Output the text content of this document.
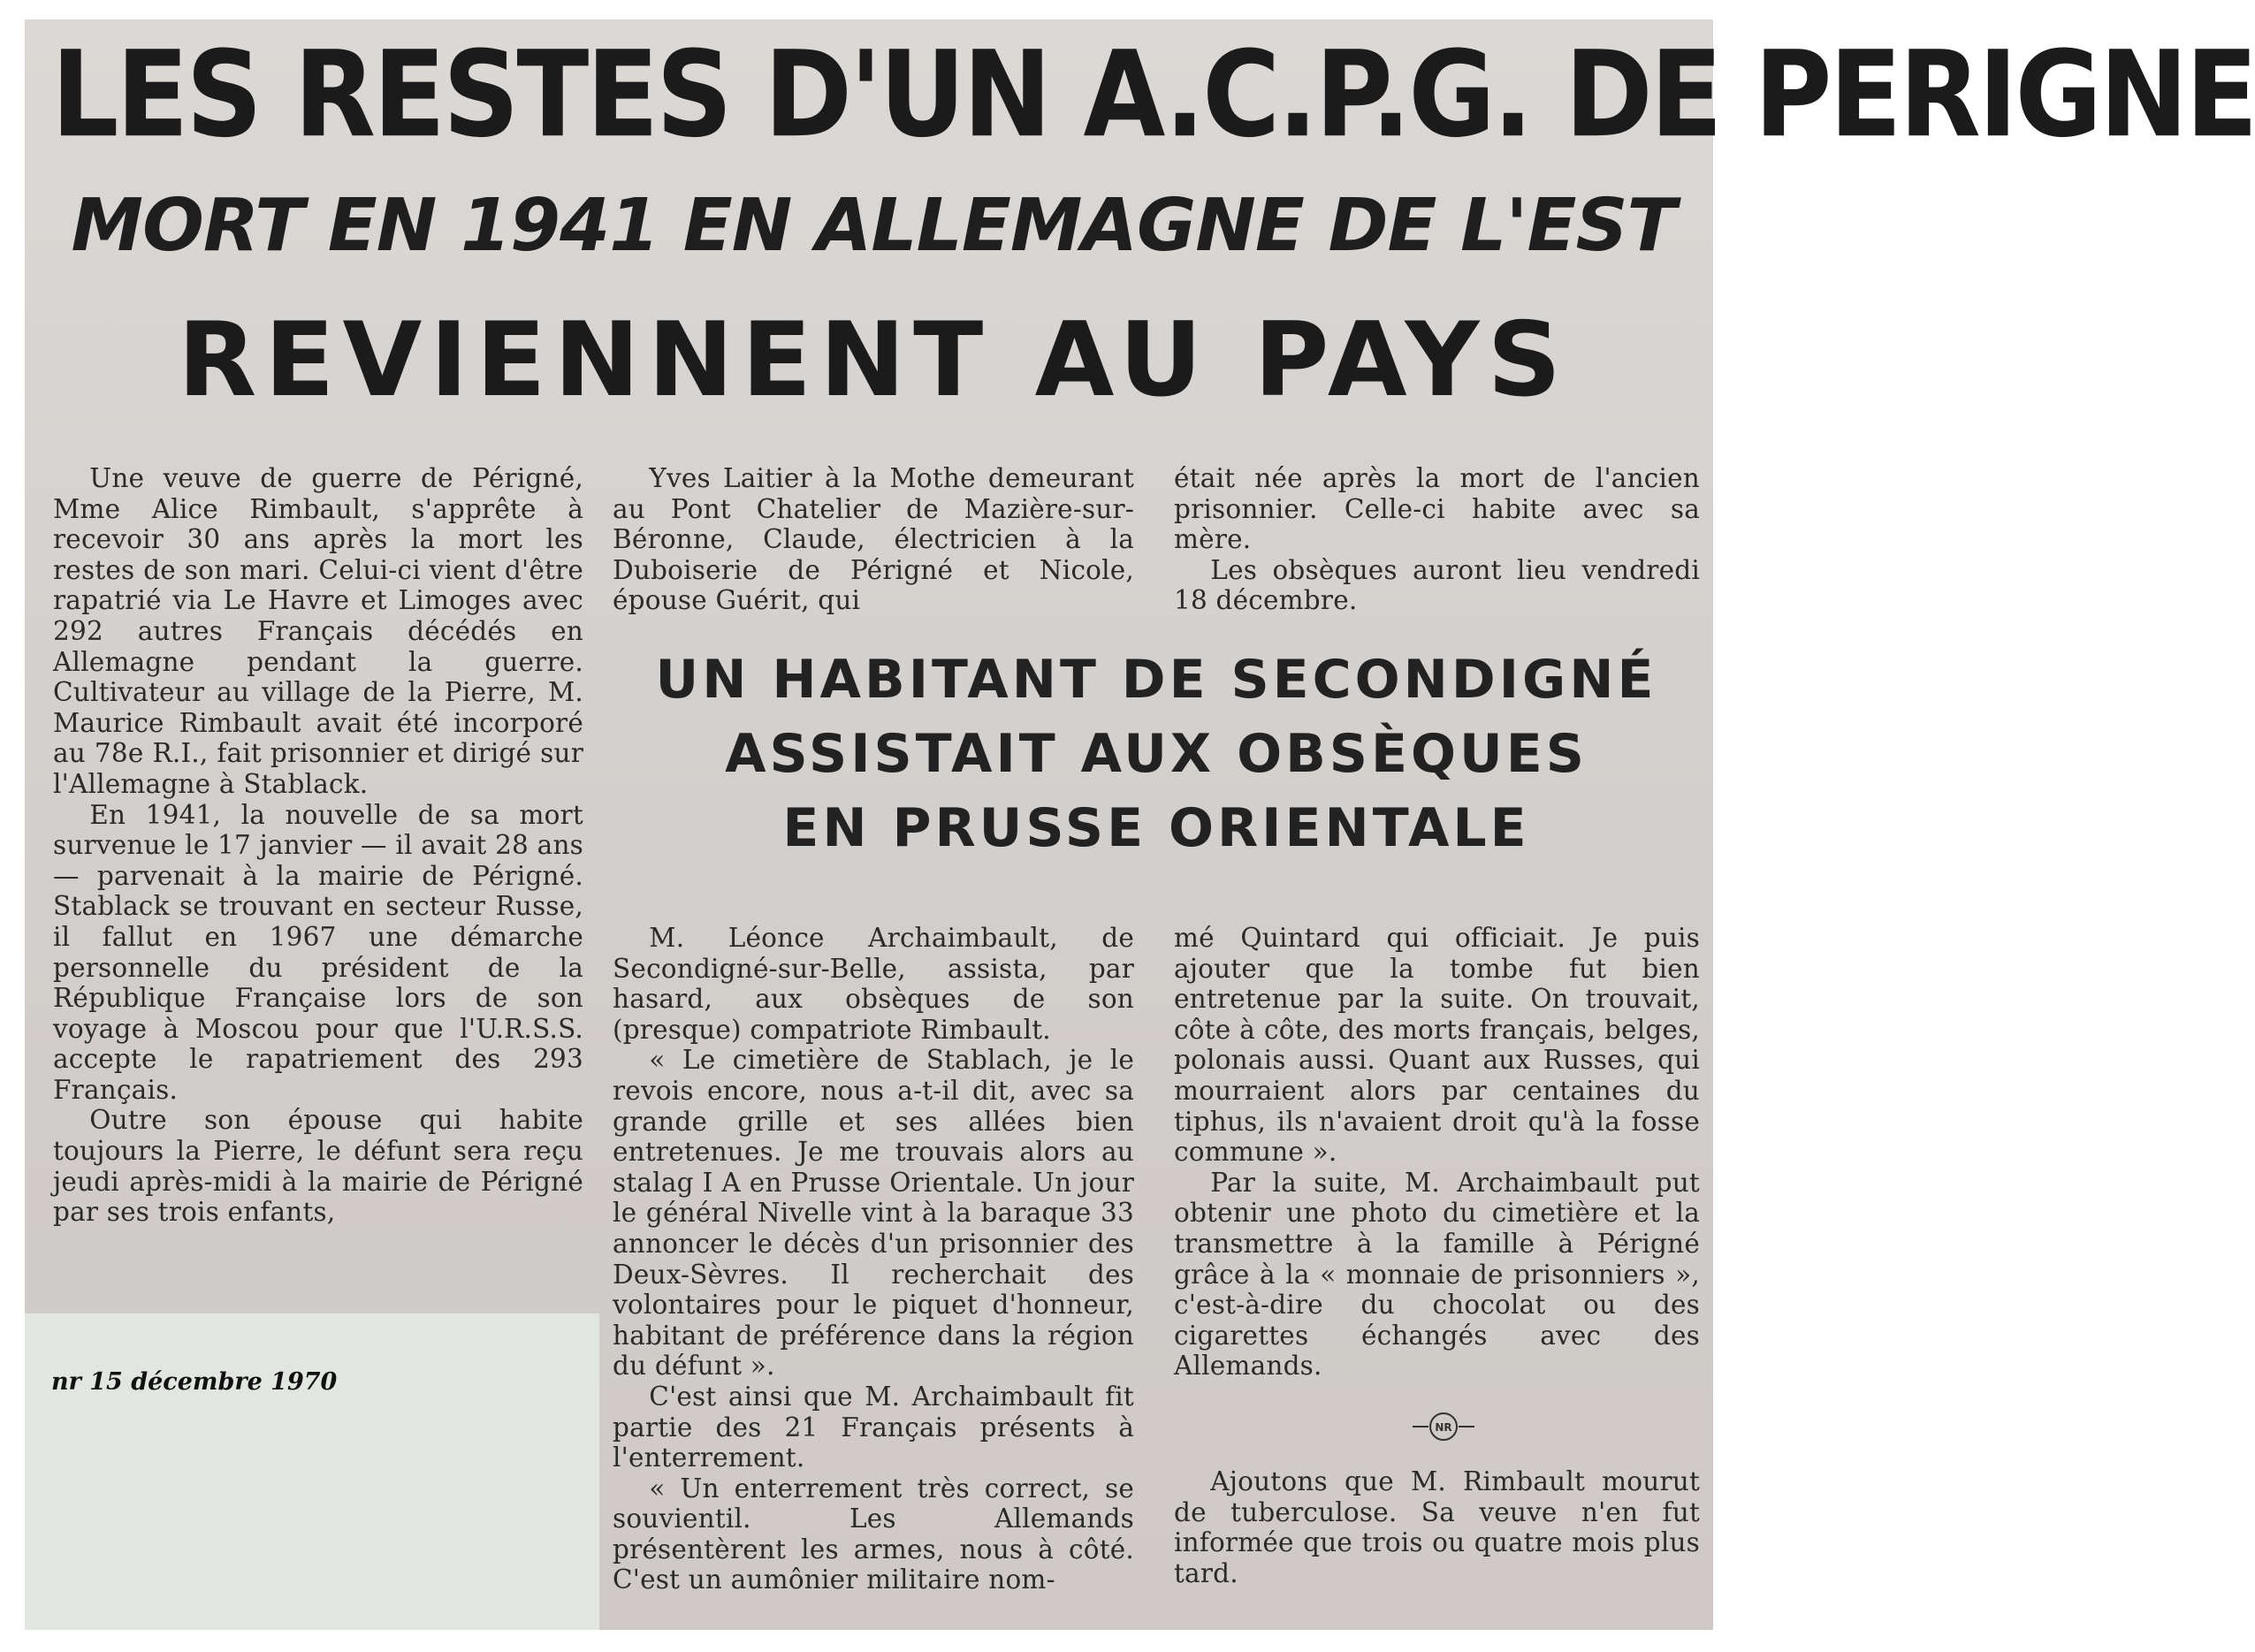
LES RESTES D'UN A.C.P.G. DE PERIGNE
MORT EN 1941 EN ALLEMAGNE DE L'EST
REVIENNENT AU PAYS

Une veuve de guerre de Périgné, Mme Alice Rimbault, s'apprête à recevoir 30 ans après la mort les restes de son mari. Celui-ci vient d'être rapatrié via Le Havre et Limoges avec 292 autres Français décédés en Allemagne pendant la guerre. Cultivateur au village de la Pierre, M. Maurice Rimbault avait été incorporé au 78e R.I., fait prisonnier et dirigé sur l'Allemagne à Stablack.

En 1941, la nouvelle de sa mort survenue le 17 janvier — il avait 28 ans — parvenait à la mairie de Périgné. Stablack se trouvant en secteur Russe, il fallut en 1967 une démarche personnelle du président de la République Française lors de son voyage à Moscou pour que l'U.R.S.S. accepte le rapatriement des 293 Français.

Outre son épouse qui habite toujours la Pierre, le défunt sera reçu jeudi après-midi à la mairie de Périgné par ses trois enfants,

Yves Laitier à la Mothe demeurant au Pont Chatelier de Mazière-sur-Béronne, Claude, électricien à la Duboiserie de Périgné et Nicole, épouse Guérit, qui

était née après la mort de l'ancien prisonnier. Celle-ci habite avec sa mère.

Les obsèques auront lieu vendredi 18 décembre.

UN HABITANT DE SECONDIGNÉ
ASSISTAIT AUX OBSÈQUES
EN PRUSSE ORIENTALE

M. Léonce Archaimbault, de Secondigné-sur-Belle, assista, par hasard, aux obsèques de son (presque) compatriote Rimbault.

« Le cimetière de Stablach, je le revois encore, nous a-t-il dit, avec sa grande grille et ses allées bien entretenues. Je me trouvais alors au stalag I A en Prusse Orientale. Un jour le général Nivelle vint à la baraque 33 annoncer le décès d'un prisonnier des Deux-Sèvres. Il recherchait des volontaires pour le piquet d'honneur, habitant de préférence dans la région du défunt ».

C'est ainsi que M. Archaimbault fit partie des 21 Français présents à l'enterrement.

« Un enterrement très correct, se souvientil. Les Allemands présentèrent les armes, nous à côté. C'est un aumônier militaire nom-

mé Quintard qui officiait. Je puis ajouter que la tombe fut bien entretenue par la suite. On trouvait, côte à côte, des morts français, belges, polonais aussi. Quant aux Russes, qui mourraient alors par centaines du tiphus, ils n'avaient droit qu'à la fosse commune ».

Par la suite, M. Archaimbault put obtenir une photo du cimetière et la transmettre à la famille à Périgné grâce à la « monnaie de prisonniers », c'est-à-dire du chocolat ou des cigarettes échangés avec des Allemands.

Ajoutons que M. Rimbault mourut de tuberculose. Sa veuve n'en fut informée que trois ou quatre mois plus tard.

NR
nr 15 décembre 1970
